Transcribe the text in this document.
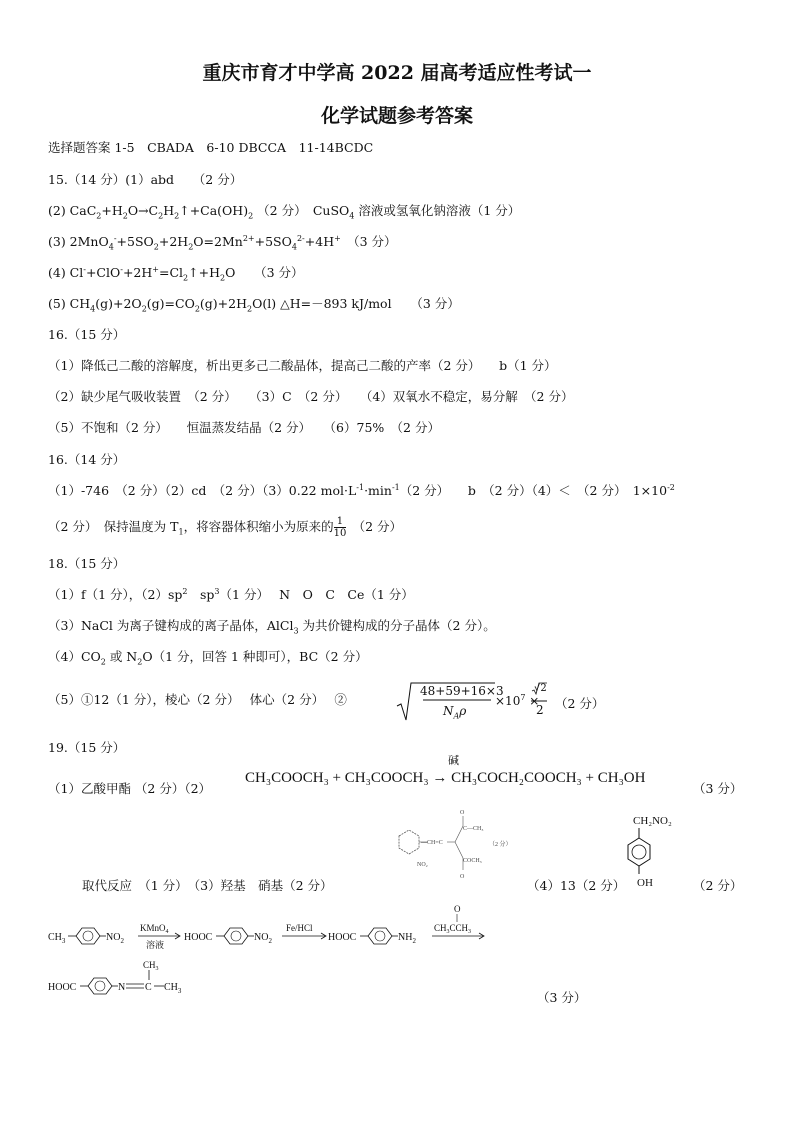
重庆市育才中学高 2022 届高考适应性考试一
化学试题参考答案
选择题答案 1-5　CBADA　6-10 DBCCA　11-14BCDC
15.（14 分）(1）abd　　（2 分）
(2) $CaC_2+H_2O\to C_2H_2↑+Ca(OH)_2$ （2 分）　CuSO$_4$ 溶液或氢氧化钠溶液（1 分）
(3) $2MnO_4^-+5SO_2+2H_2O=2Mn^{2+}+5SO_4^{2-}+4H^+$　 （3 分）
(4) $Cl^-+ClO^-+2H^+=Cl_2↑+H_2O$　　（3 分）
(5) $CH_4(g)+2O_2(g)=CO_2(g)+2H_2O(l)$ △H=－893 kJ/mol　　（3 分）
16.（15 分）
（1）降低己二酸的溶解度，析出更多己二酸晶体，提高己二酸的产率（2 分）　　b（1 分）
（2）缺少尾气吸收装置　（2 分）　　（3）C　（2 分）　　（4）双氧水不稳定，易分解　（2 分）
（5）不饱和（2 分）　　恒温蒸发结晶（2 分）　　（6）75%　（2 分）
16.（14 分）
（1）-746　（2 分）（2）cd　（2 分）（3）0.22 $mol\cdot L^{-1}\cdot\min^{-1}(2$ 分）　　b　（2 分）（4）＜　（2 分）　$1\times 10^{-2}$
（2 分）　保持温度为 $T_1$，将容器体积缩小为原来的 $\frac{1}{10}$
　 （2 分）
18.（15 分）
（1）f（1 分），$(2)sp^2$　 $sp^3(1$ 分）　 N　O　C　Ce（1 分）
（3）NaCl 为离子键构成的离子晶体，AlCl$_3$ 为共价键构成的分子晶体（2 分）。
$(4)CO_2$ 或 $N_2O(1$ 分，回答 1 种即可），BC（2 分）
（5）①12（1 分），棱心（2 分）　 体心（2 分）　 ②
48+59+16×3
$N_A\rho$
$\times 10^7$ ×
√2
2 （2 分）
19.（15 分）
（1）乙酸甲酯 （2 分）（2）
CH₃COOCH₃ + CH₃COOCH₃ → CH₃COCH₂COOCH₃ + CH₃OH
碱
（3 分）
O
C—CH₃
—CH=C
COCH₃
NO₂
O
（2 分）
CH₂NO₂
OH
取代反应　（1 分）　（3）羟基　硝基（2 分）	（4）13（2 分）	（2 分）
$CH_3$	$NO_2$
KMnO$_4$
溶液
HOOC	$NO_2$
Fe/HCl
HOOC	$NH_2$
O
$CH_3CCH_3$
HOOC	N C
$CH_3$
$CH_3$	（3 分）
